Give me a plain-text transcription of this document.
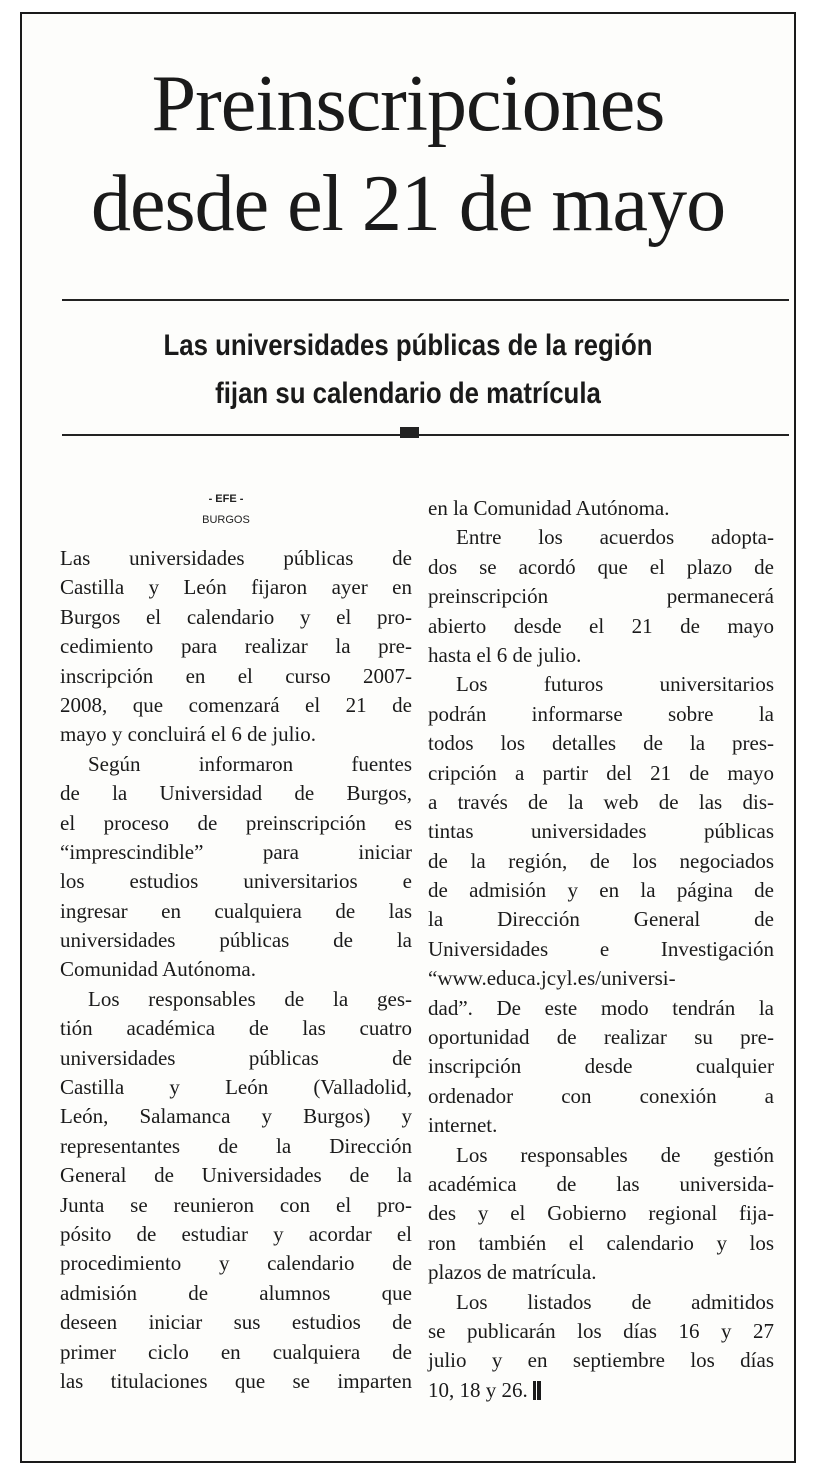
Preinscripciones
desde el 21 de mayo
Las universidades públicas de la región
fijan su calendario de matrícula
- EFE -
BURGOS
Las universidades públicas de
Castilla y León fijaron ayer en
Burgos el calendario y el pro-
cedimiento para realizar la pre-
inscripción en el curso 2007-
2008, que comenzará el 21 de
mayo y concluirá el 6 de julio.
Según informaron fuentes
de la Universidad de Burgos,
el proceso de preinscripción es
“imprescindible” para iniciar
los estudios universitarios e
ingresar en cualquiera de las
universidades públicas de la
Comunidad Autónoma.
Los responsables de la ges-
tión académica de las cuatro
universidades públicas de
Castilla y León (Valladolid,
León, Salamanca y Burgos) y
representantes de la Dirección
General de Universidades de la
Junta se reunieron con el pro-
pósito de estudiar y acordar el
procedimiento y calendario de
admisión de alumnos que
deseen iniciar sus estudios de
primer ciclo en cualquiera de
las titulaciones que se imparten
en la Comunidad Autónoma.
Entre los acuerdos adopta-
dos se acordó que el plazo de
preinscripción permanecerá
abierto desde el 21 de mayo
hasta el 6 de julio.
Los futuros universitarios
podrán informarse sobre la
todos los detalles de la pres-
cripción a partir del 21 de mayo
a través de la web de las dis-
tintas universidades públicas
de la región, de los negociados
de admisión y en la página de
la Dirección General de
Universidades e Investigación
“www.educa.jcyl.es/universi-
dad”. De este modo tendrán la
oportunidad de realizar su pre-
inscripción desde cualquier
ordenador con conexión a
internet.
Los responsables de gestión
académica de las universida-
des y el Gobierno regional fija-
ron también el calendario y los
plazos de matrícula.
Los listados de admitidos
se publicarán los días 16 y 27
julio y en septiembre los días
10, 18 y 26.
